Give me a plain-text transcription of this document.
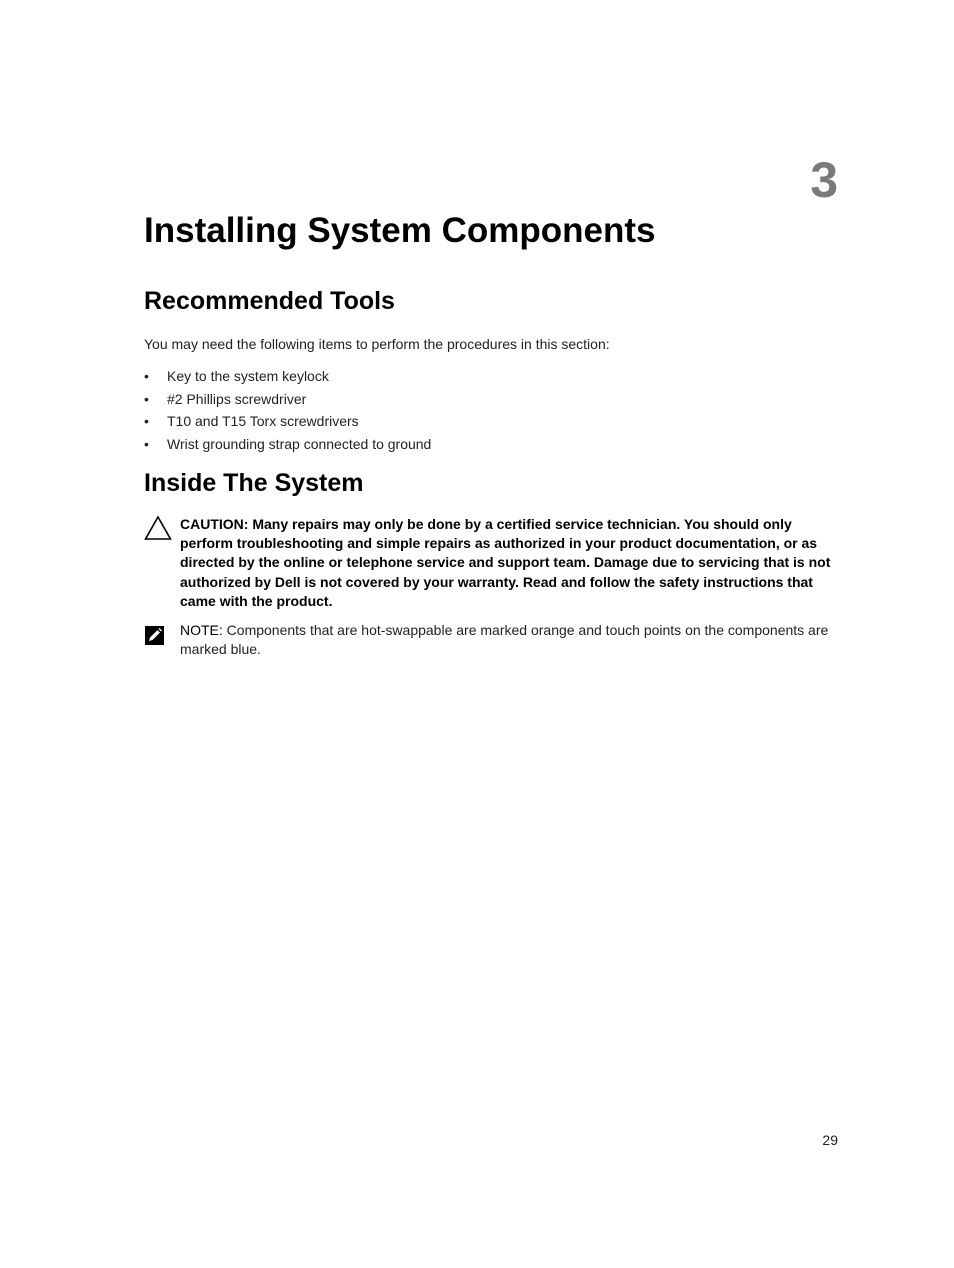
3
Installing System Components
Recommended Tools

You may need the following items to perform the procedures in this section:

• Key to the system keylock
• #2 Phillips screwdriver
• T10 and T15 Torx screwdrivers
• Wrist grounding strap connected to ground
Inside The System
CAUTION: Many repairs may only be done by a certified service technician. You should only perform troubleshooting and simple repairs as authorized in your product documentation, or as directed by the online or telephone service and support team. Damage due to servicing that is not authorized by Dell is not covered by your warranty. Read and follow the safety instructions that came with the product.
NOTE: Components that are hot-swappable are marked orange and touch points on the components are marked blue.
29
